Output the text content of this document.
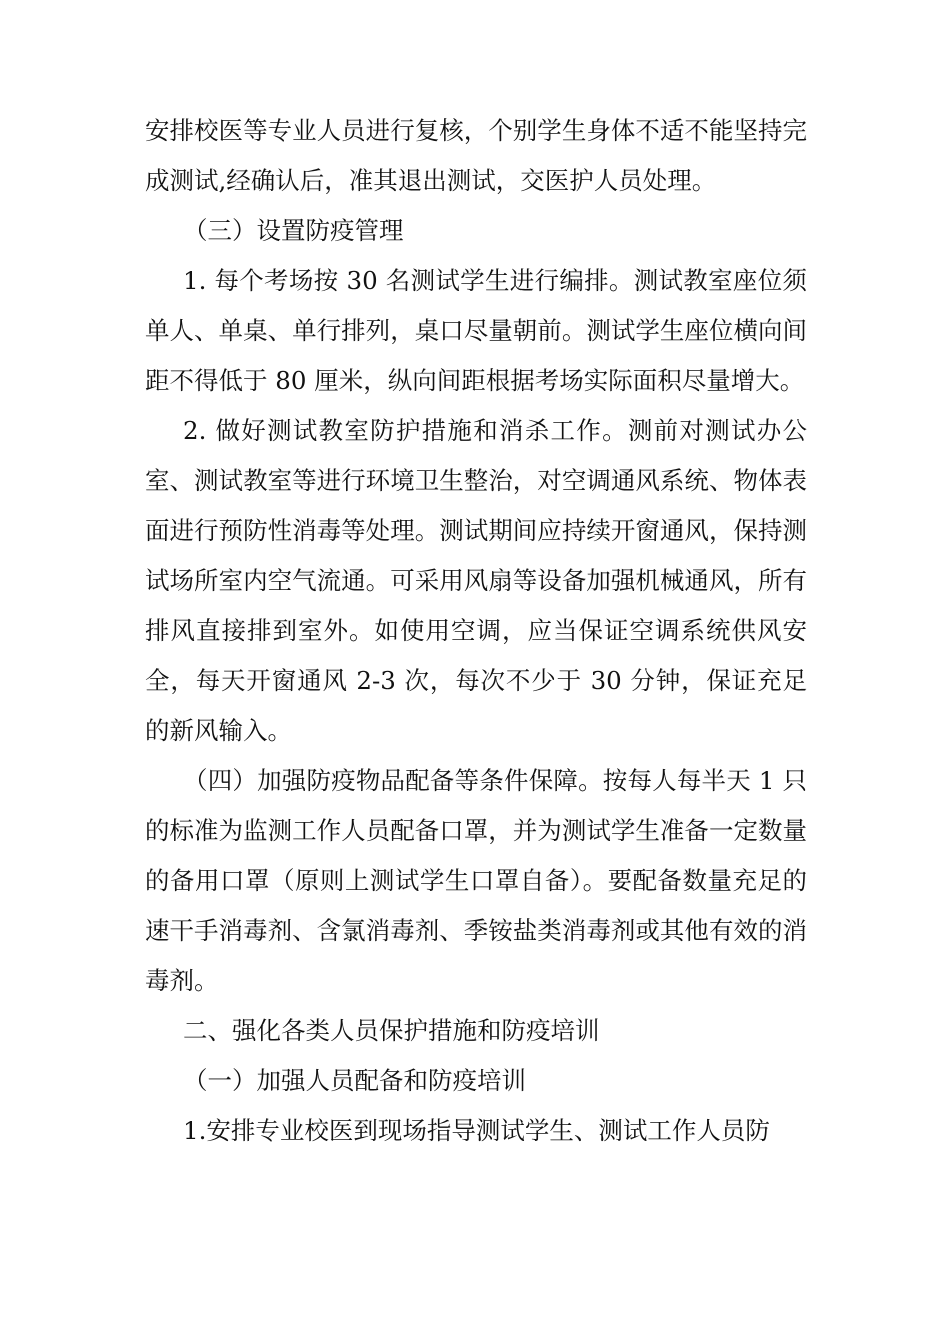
安排校医等专业人员进行复核，个别学生身体不适不能坚持完成测试,经确认后，准其退出测试，交医护人员处理。

（三）设置防疫管理

1. 每个考场按 30 名测试学生进行编排。测试教室座位须单人、单桌、单行排列，桌口尽量朝前。测试学生座位横向间距不得低于 80 厘米，纵向间距根据考场实际面积尽量增大。

2. 做好测试教室防护措施和消杀工作。测前对测试办公室、测试教室等进行环境卫生整治，对空调通风系统、物体表面进行预防性消毒等处理。测试期间应持续开窗通风，保持测试场所室内空气流通。可采用风扇等设备加强机械通风，所有排风直接排到室外。如使用空调，应当保证空调系统供风安全，每天开窗通风 2-3 次，每次不少于 30 分钟，保证充足的新风输入。

（四）加强防疫物品配备等条件保障。按每人每半天 1 只的标准为监测工作人员配备口罩，并为测试学生准备一定数量的备用口罩（原则上测试学生口罩自备）。要配备数量充足的速干手消毒剂、含氯消毒剂、季铵盐类消毒剂或其他有效的消毒剂。

二、强化各类人员保护措施和防疫培训

（一）加强人员配备和防疫培训

1.安排专业校医到现场指导测试学生、测试工作人员防
